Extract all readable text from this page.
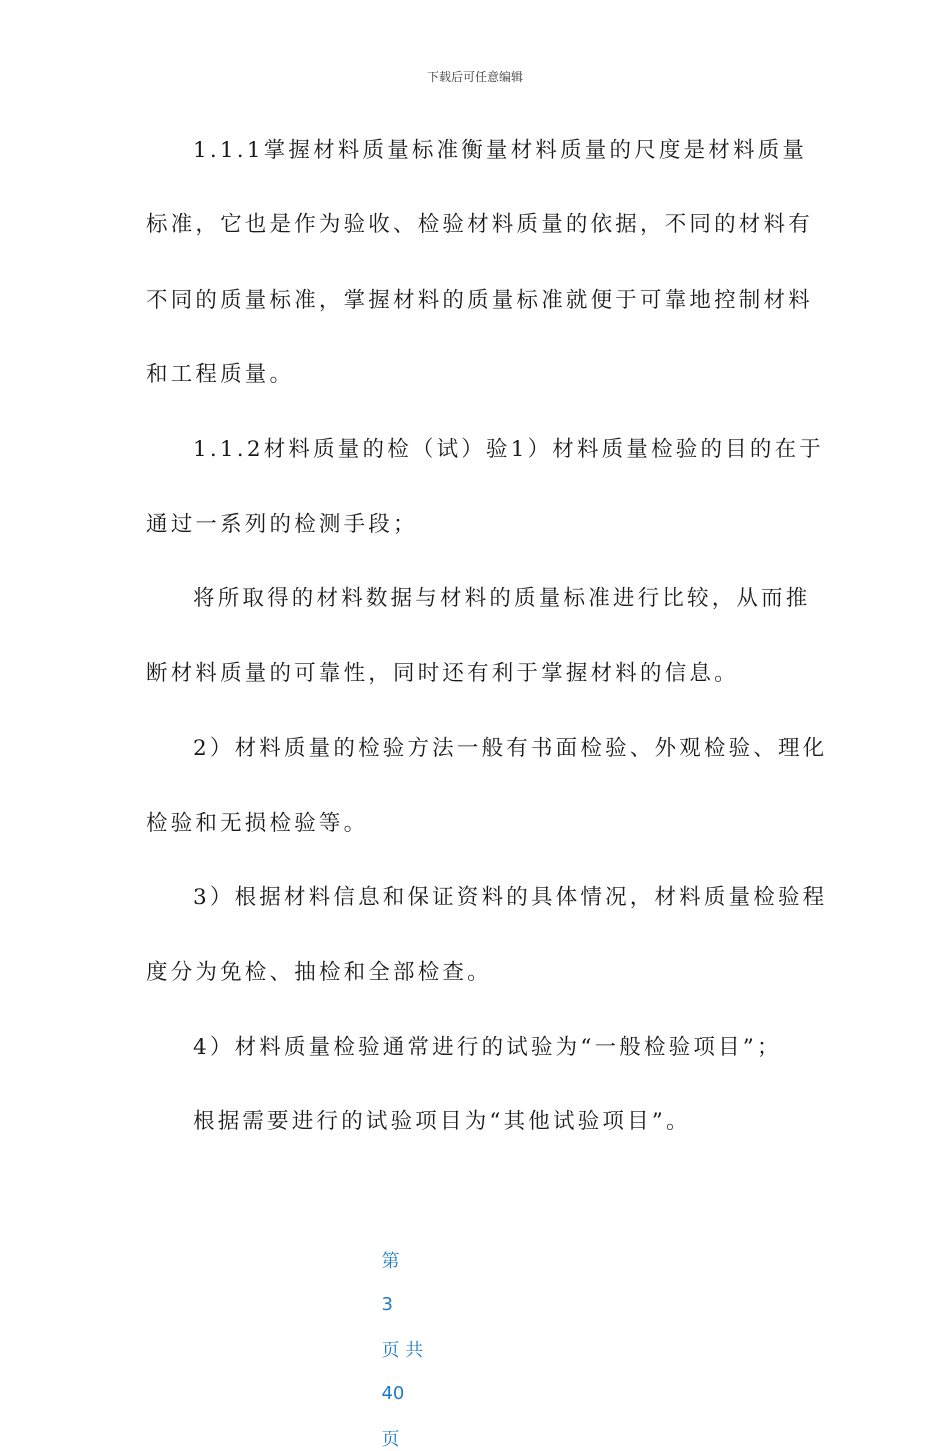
下载后可任意编辑
1.1.1掌握材料质量标准衡量材料质量的尺度是材料质量
标准，它也是作为验收、检验材料质量的依据，不同的材料有
不同的质量标准，掌握材料的质量标准就便于可靠地控制材料
和工程质量。
1.1.2材料质量的检（试）验1）材料质量检验的目的在于
通过一系列的检测手段；
将所取得的材料数据与材料的质量标准进行比较，从而推
断材料质量的可靠性，同时还有利于掌握材料的信息。
2）材料质量的检验方法一般有书面检验、外观检验、理化
检验和无损检验等。
3）根据材料信息和保证资料的具体情况，材料质量检验程
度分为免检、抽检和全部检查。
4）材料质量检验通常进行的试验为“一般检验项目”；
根据需要进行的试验项目为“其他试验项目”。

第

3

页 共

40

页
